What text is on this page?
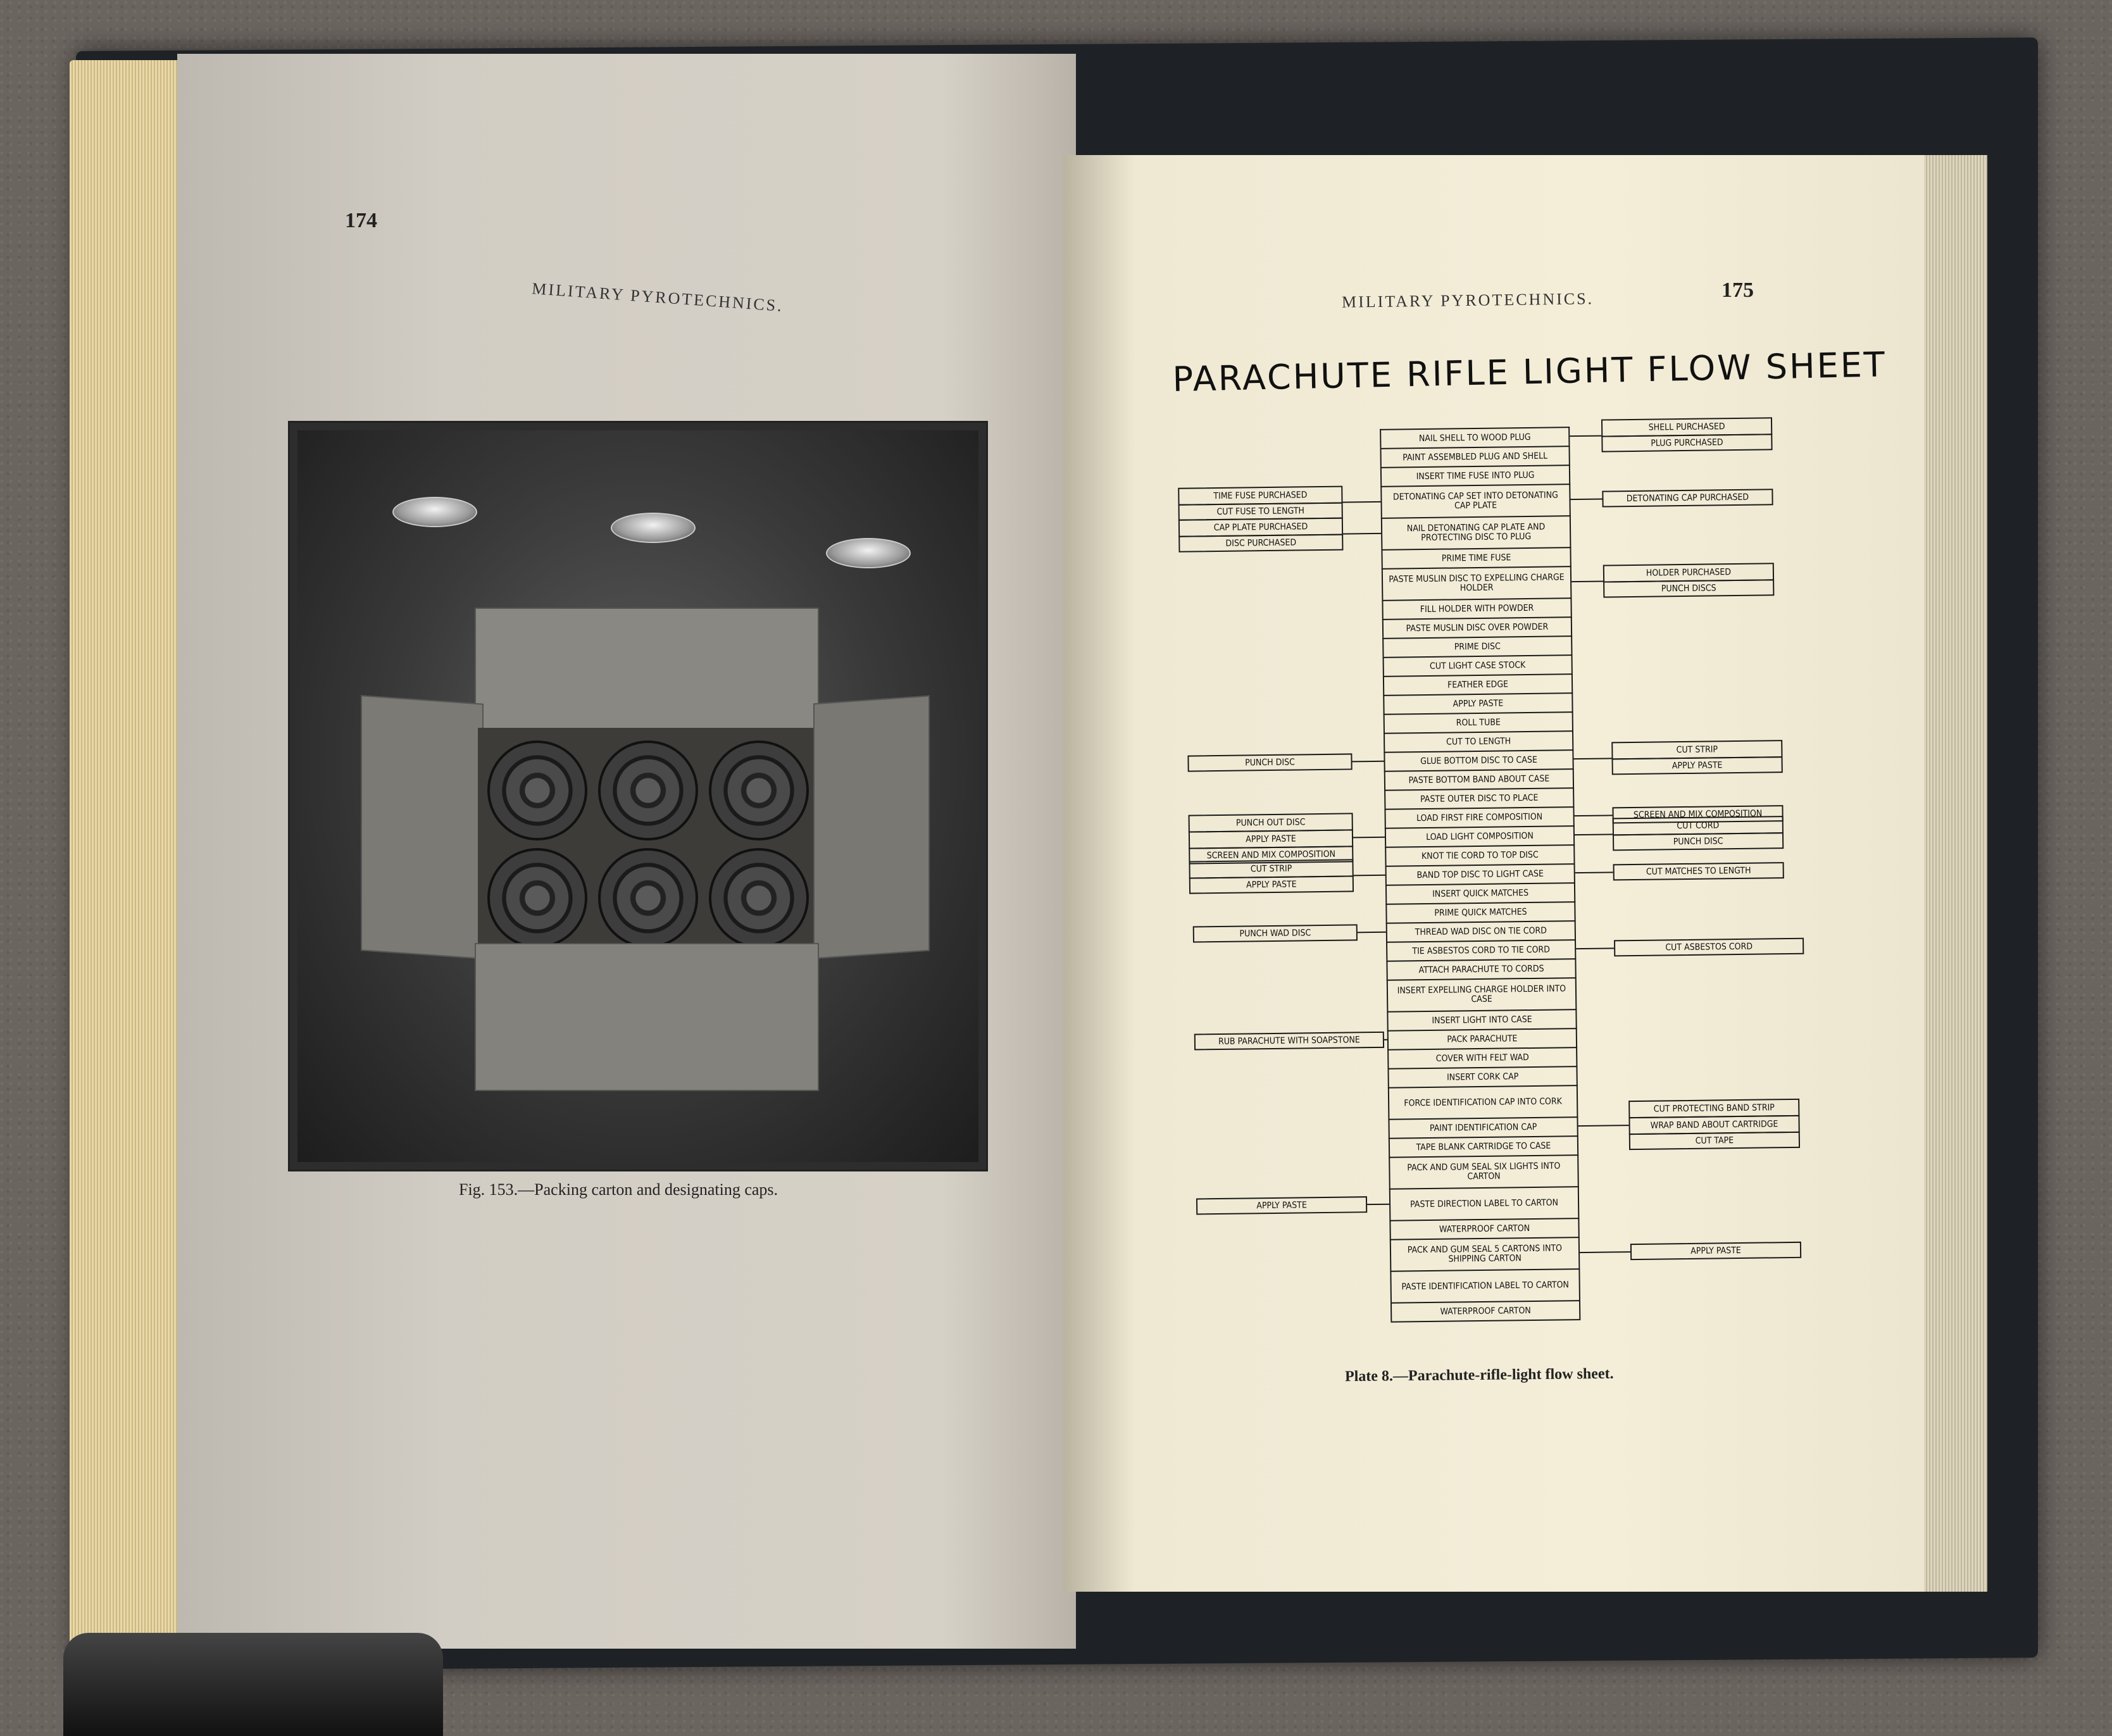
174
MILITARY PYROTECHNICS.
Fig. 153.—Packing carton and designating caps.
MILITARY PYROTECHNICS.	175
PARACHUTE RIFLE LIGHT FLOW SHEET
NAIL SHELL TO WOOD PLUG
PAINT ASSEMBLED PLUG AND SHELL
INSERT TIME FUSE INTO PLUG
DETONATING CAP SET INTO DETONATING CAP PLATE
NAIL DETONATING CAP PLATE AND PROTECTING DISC TO PLUG
PRIME TIME FUSE
PASTE MUSLIN DISC TO EXPELLING CHARGE HOLDER
FILL HOLDER WITH POWDER
PASTE MUSLIN DISC OVER POWDER
PRIME DISC
CUT LIGHT CASE STOCK
FEATHER EDGE
APPLY PASTE
ROLL TUBE
CUT TO LENGTH
GLUE BOTTOM DISC TO CASE
PASTE BOTTOM BAND ABOUT CASE
PASTE OUTER DISC TO PLACE
LOAD FIRST FIRE COMPOSITION
LOAD LIGHT COMPOSITION
KNOT TIE CORD TO TOP DISC
BAND TOP DISC TO LIGHT CASE
INSERT QUICK MATCHES
PRIME QUICK MATCHES
THREAD WAD DISC ON TIE CORD
TIE ASBESTOS CORD TO TIE CORD
ATTACH PARACHUTE TO CORDS
INSERT EXPELLING CHARGE HOLDER INTO CASE
INSERT LIGHT INTO CASE
PACK PARACHUTE
COVER WITH FELT WAD
INSERT CORK CAP
FORCE IDENTIFICATION CAP INTO CORK
PAINT IDENTIFICATION CAP
TAPE BLANK CARTRIDGE TO CASE
PACK AND GUM SEAL SIX LIGHTS INTO CARTON
PASTE DIRECTION LABEL TO CARTON
WATERPROOF CARTON
PACK AND GUM SEAL 5 CARTONS INTO SHIPPING CARTON
PASTE IDENTIFICATION LABEL TO CARTON
WATERPROOF CARTON
TIME FUSE PURCHASED
CUT FUSE TO LENGTH
CAP PLATE PURCHASED
DISC PURCHASED
PUNCH DISC
PUNCH OUT DISC
APPLY PASTE
SCREEN AND MIX COMPOSITION
CUT STRIP
APPLY PASTE
PUNCH WAD DISC
RUB PARACHUTE WITH SOAPSTONE
APPLY PASTE
SHELL PURCHASED
PLUG PURCHASED
DETONATING CAP PURCHASED
HOLDER PURCHASED
PUNCH DISCS
CUT STRIP
APPLY PASTE
SCREEN AND MIX COMPOSITION
CUT CORD
PUNCH DISC
CUT MATCHES TO LENGTH
CUT ASBESTOS CORD
CUT PROTECTING BAND STRIP
WRAP BAND ABOUT CARTRIDGE
CUT TAPE
APPLY PASTE
Plate 8.—Parachute-rifle-light flow sheet.
